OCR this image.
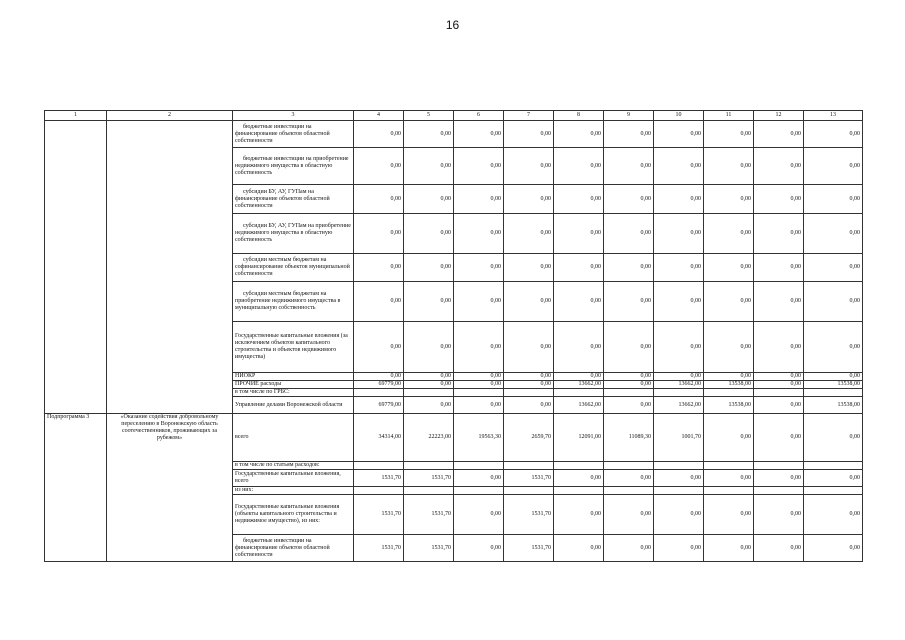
16
1	2	3	4	5	6	7	8	9	10	11	12	13
		бюджетные инвестиции на финансирование объектов областной собственности	0,00	0,00	0,00	0,00	0,00	0,00	0,00	0,00	0,00	0,00
		бюджетные инвестиции на приобретение недвижимого имущества в областную собственность	0,00	0,00	0,00	0,00	0,00	0,00	0,00	0,00	0,00	0,00
		субсидии БУ, АУ, ГУПам на финансирование объектов областной собственности	0,00	0,00	0,00	0,00	0,00	0,00	0,00	0,00	0,00	0,00
		субсидии БУ, АУ, ГУПам на приобретение недвижимого имущества в областную собственность	0,00	0,00	0,00	0,00	0,00	0,00	0,00	0,00	0,00	0,00
		субсидии местным бюджетам на софинансирование объектов муниципальной собственности	0,00	0,00	0,00	0,00	0,00	0,00	0,00	0,00	0,00	0,00
		субсидии местным бюджетам на приобретение недвижимого имущества в муниципальную собственность	0,00	0,00	0,00	0,00	0,00	0,00	0,00	0,00	0,00	0,00
		Государственные капитальные вложения (за исключением объектов капитального строительства и объектов недвижимого имущества)	0,00	0,00	0,00	0,00	0,00	0,00	0,00	0,00	0,00	0,00
		НИОКР	0,00	0,00	0,00	0,00	0,00	0,00	0,00	0,00	0,00	0,00
		ПРОЧИЕ расходы	69779,00	0,00	0,00	0,00	13662,00	0,00	13662,00	13538,00	0,00	13538,00
		в том числе по ГРБС:										
		Управление делами Воронежской области	69779,00	0,00	0,00	0,00	13662,00	0,00	13662,00	13538,00	0,00	13538,00
Подпрограмма 3	«Оказание содействия добровольному переселению в Воронежскую область соотечественников, проживающих за рубежом»	всего	34314,00	22223,00	19563,30	2659,70	12091,00	11089,30	1001,70	0,00	0,00	0,00
		в том числе по статьям расходов:										
		Государственные капитальные вложения, всего	1531,70	1531,70	0,00	1531,70	0,00	0,00	0,00	0,00	0,00	0,00
		из них:										
		Государственные капитальные вложения (объекты капитального строительства и недвижимое имущество), из них:	1531,70	1531,70	0,00	1531,70	0,00	0,00	0,00	0,00	0,00	0,00
		бюджетные инвестиции на финансирование объектов областной собственности	1531,70	1531,70	0,00	1531,70	0,00	0,00	0,00	0,00	0,00	0,00
